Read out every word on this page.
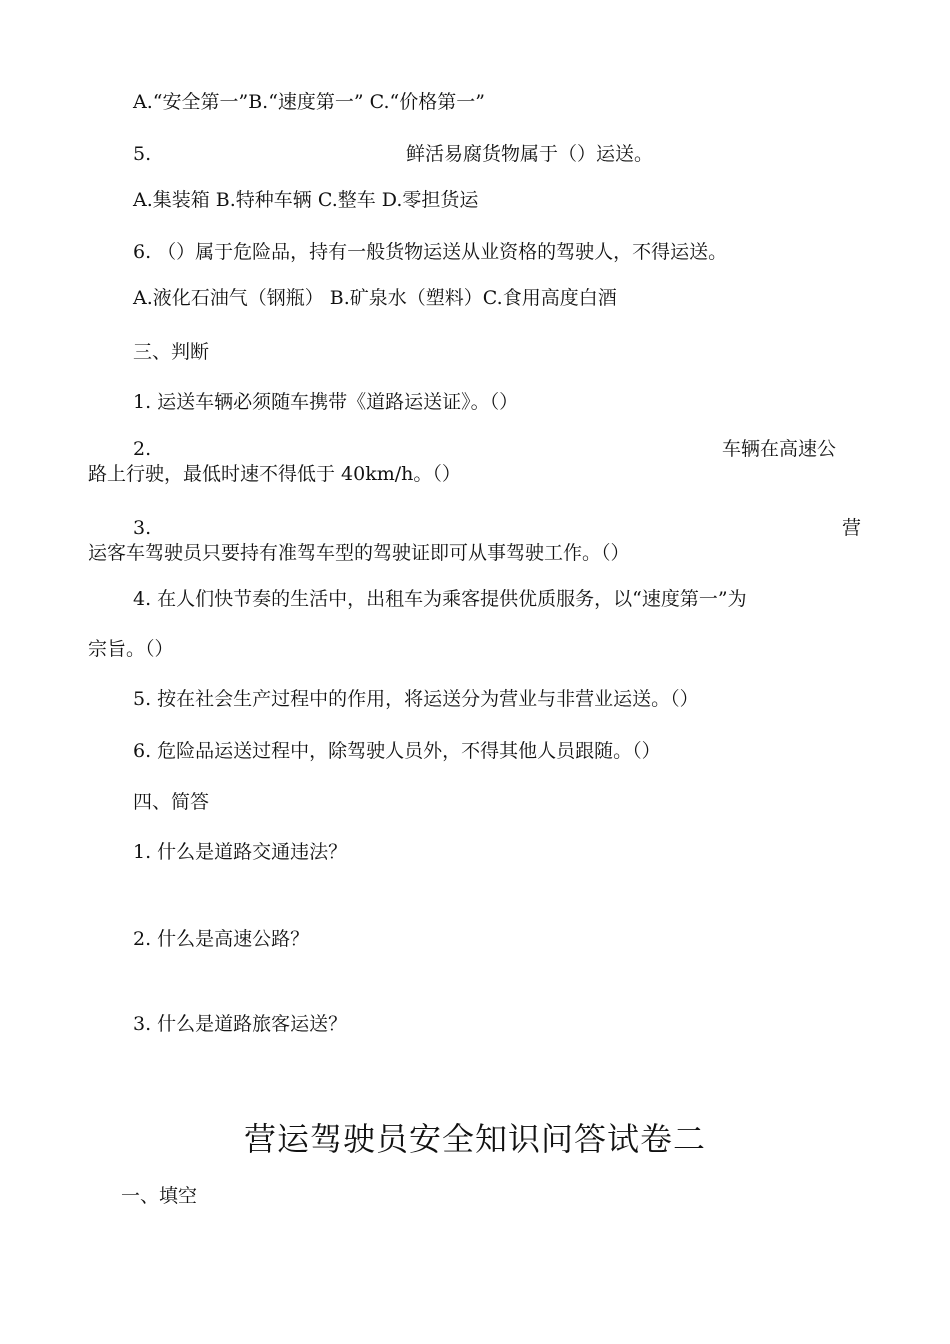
A.“安全第一”B.“速度第一” C.“价格第一”
5.	鲜活易腐货物属于（）运送。
A.集装箱 B.特种车辆 C.整车 D.零担货运
6. （）属于危险品，持有一般货物运送从业资格的驾驶人，不得运送。
A.液化石油气（钢瓶） B.矿泉水（塑料）C.食用高度白酒
三、判断
1. 运送车辆必须随车携带《道路运送证》。（）
2.	车辆在高速公
路上行驶，最低时速不得低于 40km/h。（）
3.	营
运客车驾驶员只要持有准驾车型的驾驶证即可从事驾驶工作。（）
4. 在人们快节奏的生活中，出租车为乘客提供优质服务，以“速度第一”为
宗旨。（）
5. 按在社会生产过程中的作用，将运送分为营业与非营业运送。（）
6. 危险品运送过程中，除驾驶人员外，不得其他人员跟随。（）
四、简答
1. 什么是道路交通违法？
2. 什么是高速公路？
3. 什么是道路旅客运送？
营运驾驶员安全知识问答试卷二
一、填空
